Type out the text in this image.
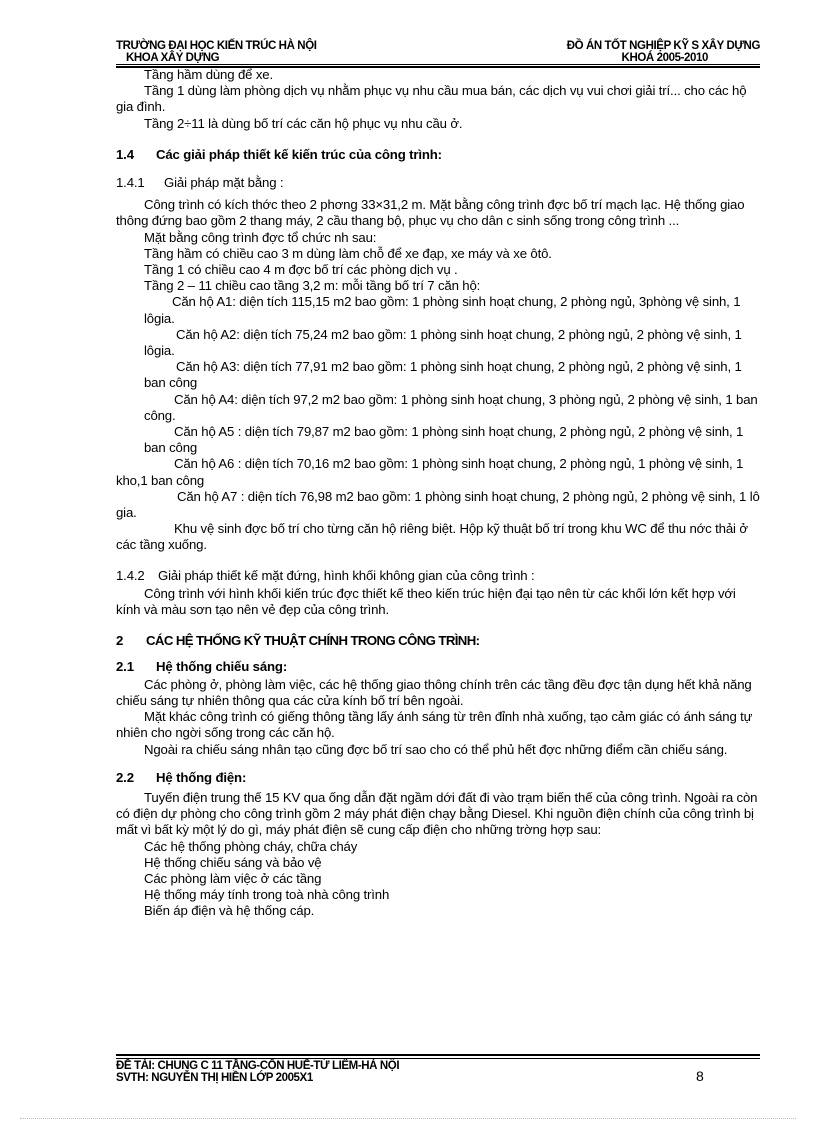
TRƯỜNG ĐẠI HỌC KIẾN TRÚC HÀ NỘI
KHOA XÂY DỰNG
ĐỒ ÁN TỐT NGHIỆP KỸ S XÂY DỰNG
KHOÁ 2005-2010

Tầng hầm dùng để xe.

Tầng 1 dùng làm phòng dịch vụ nhằm phục vụ nhu cầu mua bán, các dịch vụ vui chơi giải trí... cho các hộ gia đình.

Tầng 2÷11 là dùng bố trí các căn hộ phục vụ nhu cầu ở.

1.4 Các giải pháp thiết kế kiến trúc của công trình:

1.4.1 Giải pháp mặt bằng :

Công trình có kích thớc theo 2 phơng 33×31,2 m. Mặt bằng công trình đợc bố trí mạch lạc. Hệ thống giao thông đứng bao gồm 2 thang máy, 2 cầu thang bộ, phục vụ cho dân c sinh sống trong công trình ...

Mặt bằng công trình đợc tổ chức nh sau:

Tầng hầm có chiều cao 3 m dùng làm chỗ để xe đạp, xe máy và xe ôtô.

Tầng 1 có chiều cao 4 m đợc bố trí các phòng dịch vụ .

Tầng 2 – 11 chiều cao tầng 3,2 m: mỗi tầng bố trí 7 căn hộ:

Căn hộ A1: diện tích 115,15 m2 bao gồm: 1 phòng sinh hoạt chung, 2 phòng ngủ, 3phòng vệ sinh, 1 lôgia.

Căn hộ A2: diện tích 75,24 m2 bao gồm: 1 phòng sinh hoạt chung, 2 phòng ngủ, 2 phòng vệ sinh, 1 lôgia.

Căn hộ A3: diện tích 77,91 m2 bao gồm: 1 phòng sinh hoạt chung, 2 phòng ngủ, 2 phòng vệ sinh, 1 ban công

Căn hộ A4: diện tích 97,2 m2 bao gồm: 1 phòng sinh hoạt chung, 3 phòng ngủ, 2 phòng vệ sinh, 1 ban công.

Căn hộ A5 : diện tích 79,87 m2 bao gồm: 1 phòng sinh hoạt chung, 2 phòng ngủ, 2 phòng vệ sinh, 1 ban công

Căn hộ A6 : diện tích 70,16 m2 bao gồm: 1 phòng sinh hoạt chung, 2 phòng ngủ, 1 phòng vệ sinh, 1 kho,1 ban công

Căn hộ A7 : diện tích 76,98 m2 bao gồm: 1 phòng sinh hoạt chung, 2 phòng ngủ, 2 phòng vệ sinh, 1 lô gia.

Khu vệ sinh đợc bố trí cho từng căn hộ riêng biệt. Hộp kỹ thuật bố trí trong khu WC để thu nớc thải ở các tầng xuống.

1.4.2 Giải pháp thiết kế mặt đứng, hình khối không gian của công trình :

Công trình với hình khối kiến trúc đợc thiết kế theo kiến trúc hiện đại tạo nên từ các khối lớn kết hợp với kính và màu sơn tạo nên vẻ đẹp của công trình.

2 CÁC HỆ THỐNG KỸ THUẬT CHÍNH TRONG CÔNG TRÌNH:

2.1 Hệ thống chiếu sáng:

Các phòng ở, phòng làm việc, các hệ thống giao thông chính trên các tầng đều đợc tận dụng hết khả năng chiếu sáng tự nhiên thông qua các cửa kính bố trí bên ngoài.

Mặt khác công trình có giếng thông tầng lấy ánh sáng từ trên đỉnh nhà xuống, tạo cảm giác có ánh sáng tự nhiên cho ngời sống trong các căn hộ.

Ngoài ra chiếu sáng nhân tạo cũng đợc bố trí sao cho có thể phủ hết đợc những điểm cần chiếu sáng.

2.2 Hệ thống điện:

Tuyến điện trung thế 15 KV qua ống dẫn đặt ngầm dới đất đi vào trạm biến thế của công trình. Ngoài ra còn có điện dự phòng cho công trình gồm 2 máy phát điện chạy bằng Diesel. Khi nguồn điện chính của công trình bị mất vì bất kỳ một lý do gì, máy phát điện sẽ cung cấp điện cho những trờng hợp sau:

Các hệ thống phòng cháy, chữa cháy

Hệ thống chiếu sáng và bảo vệ

Các phòng làm việc ở các tầng

Hệ thống máy tính trong toà nhà công trình

Biến áp điện và hệ thống cáp.

ĐỀ TÀI: CHUNG C 11 TẦNG-CỔN HUẾ-TỪ LIÊM-HÀ NỘI
SVTH: NGUYỄN THỊ HIỀN LỚP 2005X1	8
